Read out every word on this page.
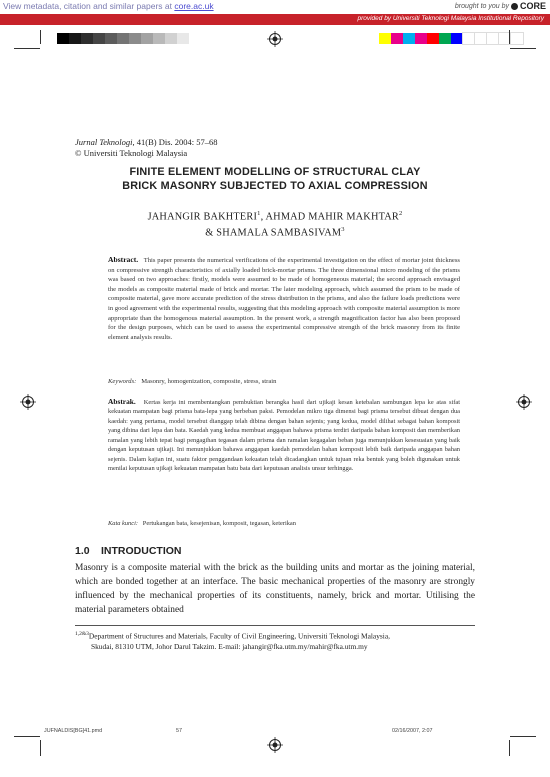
View metadata, citation and similar papers at core.ac.uk	brought to you by CORE
provided by Universiti Teknologi Malaysia Institutional Repository
Jurnal Teknologi, 41(B) Dis. 2004: 57–68
© Universiti Teknologi Malaysia
FINITE ELEMENT MODELLING OF STRUCTURAL CLAY
BRICK MASONRY SUBJECTED TO AXIAL COMPRESSION
JAHANGIR BAKHTERI$^1$, AHMAD MAHIR MAKHTAR$^2$
& SHAMALA SAMBASIVAM$^3$
Abstract. This paper presents the numerical verifications of the experimental investigation on the effect of mortar joint thickness on compressive strength characteristics of axially loaded brick-mortar prisms. The three dimensional micro modeling of the prisms was based on two approaches: firstly, models were assumed to be made of homogeneous material; the second approach envisaged the models as composite material made of brick and mortar. The later modeling approach, which assumed the prism to be made of composite material, gave more accurate prediction of the stress distribution in the prisms, and also the failure loads predictions were in good agreement with the experimental results, suggesting that this modeling approach with composite material assumption is more appropriate than the homogenous material assumption. In the present work, a strength magnification factor has also been proposed for the design purposes, which can be used to assess the experimental compressive strength of the brick masonry from its finite element analysis results.
Keywords: Masonry, homogenization, composite, stress, strain
Abstrak. Kertas kerja ini membentangkan pembuktian berangka hasil dari ujikaji kesan ketebalan sambungan lepa ke atas sifat kekuatan mampatan bagi prisma bata-lepa yang berbeban paksi. Pemodelan mikro tiga dimensi bagi prisma tersebut dibuat dengan dua kaedah: yang pertama, model tersebut dianggap telah dibina dengan bahan sejenis; yang kedua, model dilihat sebagai bahan komposit yang dibina dari lepa dan bata. Kaedah yang kedua membuat anggapan bahawa prisma terdiri daripada bahan komposit dan memberikan ramalan yang lebih tepat bagi pengagihan tegasan dalam prisma dan ramalan kegagalan beban juga menunjukkan kesesuaian yang baik dengan keputusan ujikaji. Ini menunjukkan bahawa anggapan kaedah pemodelan bahan komposit lebih baik daripada anggapan bahan sejenis. Dalam kajian ini, suatu faktor penggandaan kekuatan telah dicadangkan untuk tujuan reka bentuk yang boleh digunakan untuk menilai keputusan ujikaji kekuatan mampatan batu bata dari keputusan analisis unsur terhingga.
Kata kunci: Pertukangan bata, kesejenisan, komposit, tegasan, keterikan
1.0 INTRODUCTION
Masonry is a composite material with the brick as the building units and mortar as the joining material, which are bonded together at an interface. The basic mechanical properties of the masonry are strongly influenced by the mechanical properties of its constituents, namely, brick and mortar. Utilising the material parameters obtained
$^{1,2\&3}$Department of Structures and Materials, Faculty of Civil Engineering, Universiti Teknologi Malaysia,
Skudai, 81310 UTM, Johor Darul Takzim. E-mail: jahangir@fka.utm.my/mahir@fka.utm.my
JUFNALDIS[BG]41.pmd	57	02/16/2007, 2:07
